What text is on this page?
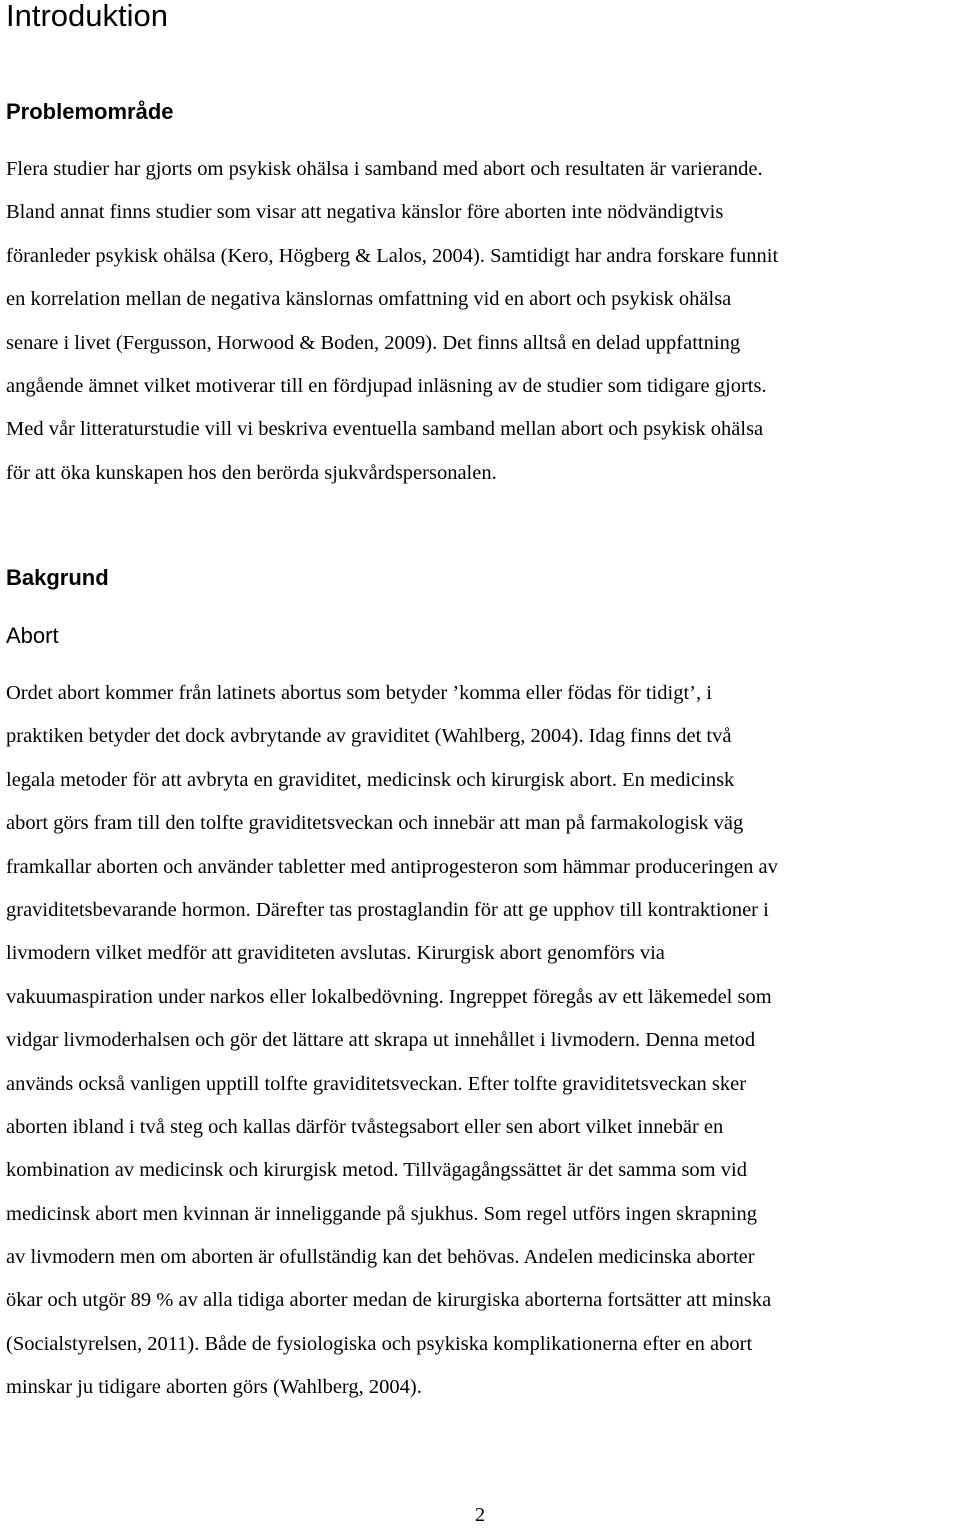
Introduktion
Problemområde

Flera studier har gjorts om psykisk ohälsa i samband med abort och resultaten är varierande.
Bland annat finns studier som visar att negativa känslor före aborten inte nödvändigtvis
föranleder psykisk ohälsa (Kero, Högberg & Lalos, 2004). Samtidigt har andra forskare funnit
en korrelation mellan de negativa känslornas omfattning vid en abort och psykisk ohälsa
senare i livet (Fergusson, Horwood & Boden, 2009). Det finns alltså en delad uppfattning
angående ämnet vilket motiverar till en fördjupad inläsning av de studier som tidigare gjorts.
Med vår litteraturstudie vill vi beskriva eventuella samband mellan abort och psykisk ohälsa
för att öka kunskapen hos den berörda sjukvårdspersonalen.

Bakgrund
Abort

Ordet abort kommer från latinets abortus som betyder ’komma eller födas för tidigt’, i
praktiken betyder det dock avbrytande av graviditet (Wahlberg, 2004). Idag finns det två
legala metoder för att avbryta en graviditet, medicinsk och kirurgisk abort. En medicinsk
abort görs fram till den tolfte graviditetsveckan och innebär att man på farmakologisk väg
framkallar aborten och använder tabletter med antiprogesteron som hämmar produceringen av
graviditetsbevarande hormon. Därefter tas prostaglandin för att ge upphov till kontraktioner i
livmodern vilket medför att graviditeten avslutas. Kirurgisk abort genomförs via
vakuumaspiration under narkos eller lokalbedövning. Ingreppet föregås av ett läkemedel som
vidgar livmoderhalsen och gör det lättare att skrapa ut innehållet i livmodern. Denna metod
används också vanligen upptill tolfte graviditetsveckan. Efter tolfte graviditetsveckan sker
aborten ibland i två steg och kallas därför tvåstegsabort eller sen abort vilket innebär en
kombination av medicinsk och kirurgisk metod. Tillvägagångssättet är det samma som vid
medicinsk abort men kvinnan är inneliggande på sjukhus. Som regel utförs ingen skrapning
av livmodern men om aborten är ofullständig kan det behövas. Andelen medicinska aborter
ökar och utgör 89 % av alla tidiga aborter medan de kirurgiska aborterna fortsätter att minska
(Socialstyrelsen, 2011). Både de fysiologiska och psykiska komplikationerna efter en abort
minskar ju tidigare aborten görs (Wahlberg, 2004).

2
